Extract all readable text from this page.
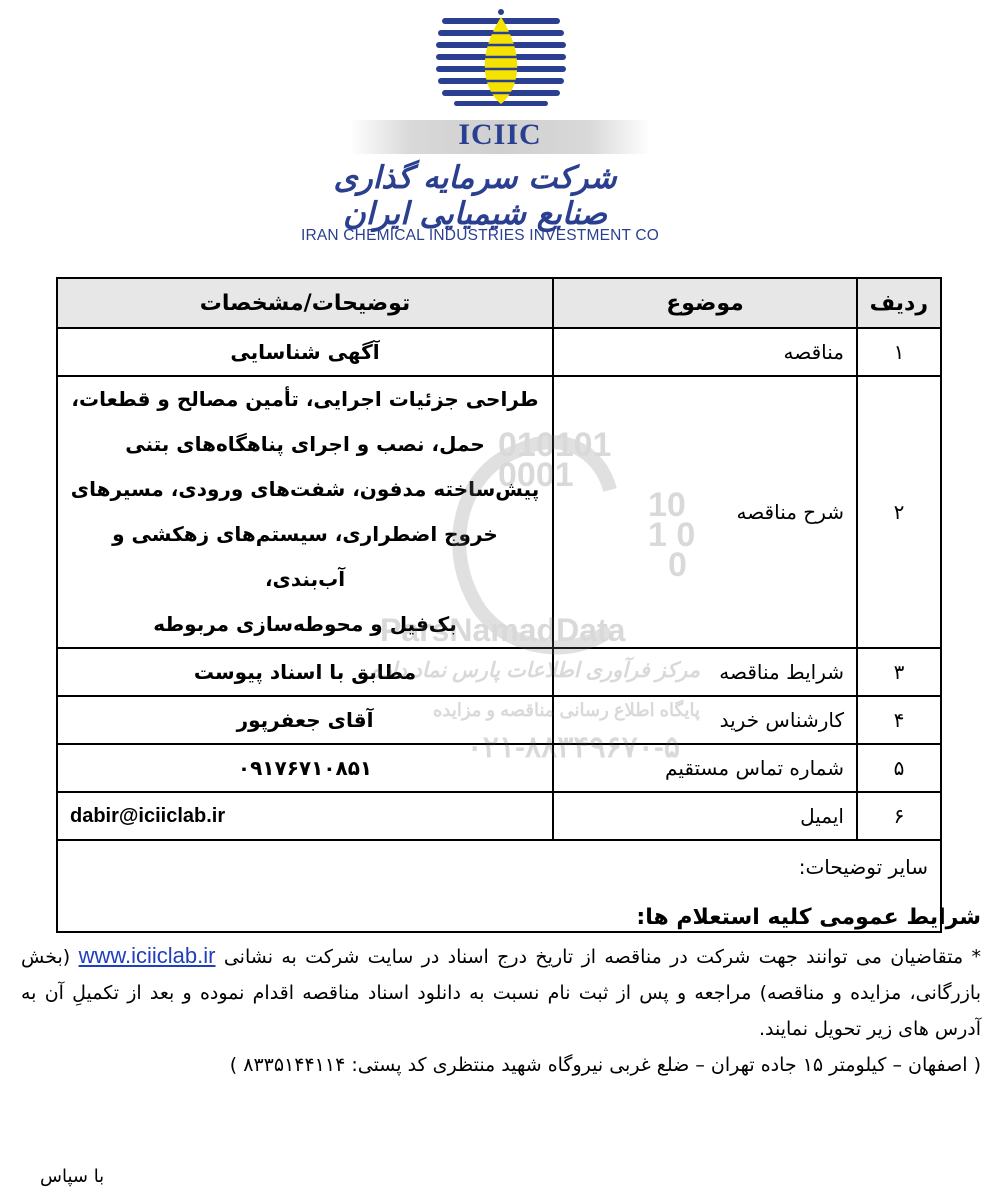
ICIIC
شرکت سرمایه گذاری صنایع شیمیایی ایران
IRAN CHEMICAL INDUSTRIES INVESTMENT CO
ردیف	موضوع	توضیحات/مشخصات
۱	مناقصه	آگهی شناسایی
۲	شرح مناقصه	طراحی جزئیات اجرایی، تأمین مصالح و قطعات،
حمل، نصب و اجرای پناهگاه‌های بتنی
پیش‌ساخته مدفون، شفت‌های ورودی، مسیرهای
خروج اضطراری، سیستم‌های زهکشی و آب‌بندی،
بک‌فیل و محوطه‌سازی مربوطه

۳	شرایط مناقصه	مطابق با اسناد پیوست
۴	کارشناس خرید	آقای جعفرپور
۵	شماره تماس مستقیم	۰۹۱۷۶۷۱۰۸۵۱
۶	ایمیل	dabir@iciiclab.ir
سایر توضیحات:		
010101
0001
10
1 0
0
ParsNamadData
مرکز فرآوری اطلاعات پارس نماد داده
پایگاه اطلاع رسانی مناقصه و مزایده
۰۲۱-۸۸۳۴۹۶۷۰-۵
شرایط عمومی کلیه استعلام ها:

* متقاضیان می توانند جهت شرکت در مناقصه از تاریخ درج اسناد در سایت شرکت به نشانی www.iciiclab.ir (بخش بازرگانی، مزایده و مناقصه) مراجعه و پس از ثبت نام نسبت به دانلود اسناد مناقصه اقدام نموده و بعد از تکمیلِ آن به آدرس های زیر تحویل نمایند.

( اصفهان – کیلومتر ۱۵ جاده تهران – ضلع غربی نیروگاه شهید منتظری کد پستی: ۸۳۳۵۱۴۴۱۱۴ )

با سپاس
